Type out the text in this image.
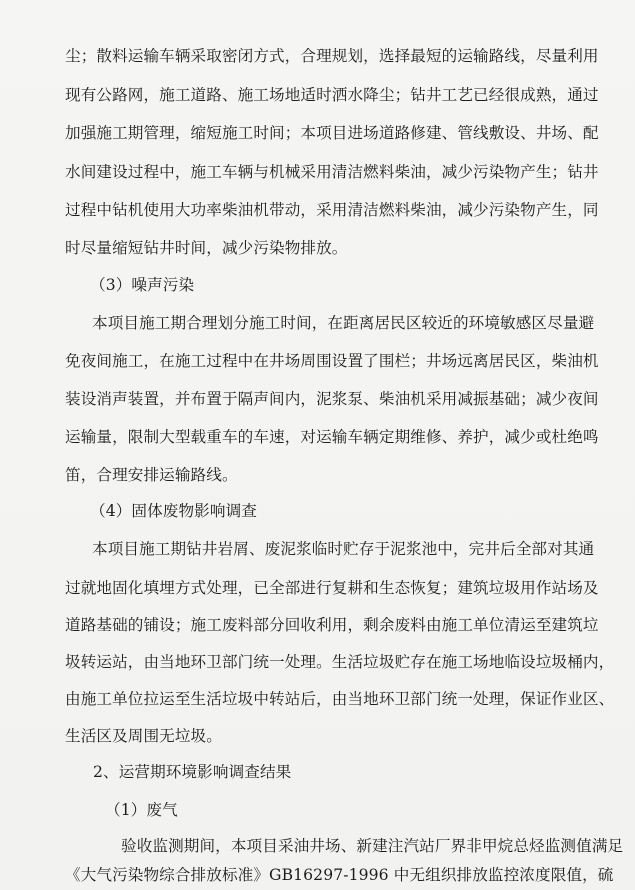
尘；散料运输车辆采取密闭方式，合理规划，选择最短的运输路线，尽量利用
现有公路网，施工道路、施工场地适时洒水降尘；钻井工艺已经很成熟，通过
加强施工期管理，缩短施工时间；本项目进场道路修建、管线敷设、井场、配
水间建设过程中，施工车辆与机械采用清洁燃料柴油，减少污染物产生；钻井
过程中钻机使用大功率柴油机带动，采用清洁燃料柴油，减少污染物产生，同
时尽量缩短钻井时间，减少污染物排放。
（3）噪声污染
本项目施工期合理划分施工时间，在距离居民区较近的环境敏感区尽量避
免夜间施工，在施工过程中在井场周围设置了围栏；井场远离居民区，柴油机
装设消声装置，并布置于隔声间内，泥浆泵、柴油机采用减振基础；减少夜间
运输量，限制大型载重车的车速，对运输车辆定期维修、养护，减少或杜绝鸣
笛，合理安排运输路线。
（4）固体废物影响调查
本项目施工期钻井岩屑、废泥浆临时贮存于泥浆池中，完井后全部对其通
过就地固化填埋方式处理，已全部进行复耕和生态恢复；建筑垃圾用作站场及
道路基础的铺设；施工废料部分回收利用，剩余废料由施工单位清运至建筑垃
圾转运站，由当地环卫部门统一处理。生活垃圾贮存在施工场地临设垃圾桶内，
由施工单位拉运至生活垃圾中转站后，由当地环卫部门统一处理，保证作业区、
生活区及周围无垃圾。
2、运营期环境影响调查结果
（1）废气
验收监测期间，本项目采油井场、新建注汽站厂界非甲烷总烃监测值满足
《大气污染物综合排放标准》GB16297-1996 中无组织排放监控浓度限值，硫
